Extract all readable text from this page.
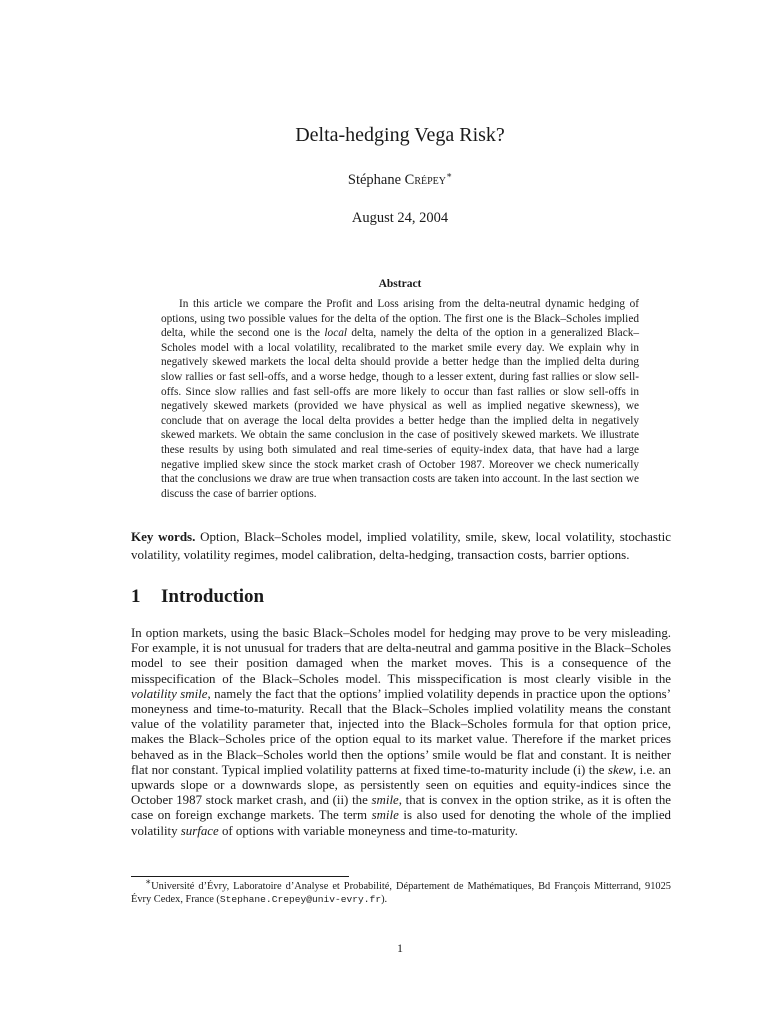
Delta-hedging Vega Risk?
Stéphane Crépey∗
August 24, 2004
Abstract

In this article we compare the Profit and Loss arising from the delta-neutral dynamic hedging of options, using two possible values for the delta of the option. The first one is the Black–Scholes implied delta, while the second one is the local delta, namely the delta of the option in a generalized Black–Scholes model with a local volatility, recalibrated to the market smile every day. We explain why in negatively skewed markets the local delta should provide a better hedge than the implied delta during slow rallies or fast sell-offs, and a worse hedge, though to a lesser extent, during fast rallies or slow sell-offs. Since slow rallies and fast sell-offs are more likely to occur than fast rallies or slow sell-offs in negatively skewed markets (provided we have physical as well as implied negative skewness), we conclude that on average the local delta provides a better hedge than the implied delta in negatively skewed markets. We obtain the same conclusion in the case of positively skewed markets. We illustrate these results by using both simulated and real time-series of equity-index data, that have had a large negative implied skew since the stock market crash of October 1987. Moreover we check numerically that the conclusions we draw are true when transaction costs are taken into account. In the last section we discuss the case of barrier options.

Key words. Option, Black–Scholes model, implied volatility, smile, skew, local volatility, stochastic volatility, volatility regimes, model calibration, delta-hedging, transaction costs, barrier options.

1 Introduction

In option markets, using the basic Black–Scholes model for hedging may prove to be very misleading. For example, it is not unusual for traders that are delta-neutral and gamma positive in the Black–Scholes model to see their position damaged when the market moves. This is a consequence of the misspecification of the Black–Scholes model. This misspecification is most clearly visible in the volatility smile, namely the fact that the options’ implied volatility depends in practice upon the options’ moneyness and time-to-maturity. Recall that the Black–Scholes implied volatility means the constant value of the volatility parameter that, injected into the Black–Scholes formula for that option price, makes the Black–Scholes price of the option equal to its market value. Therefore if the market prices behaved as in the Black–Scholes world then the options’ smile would be flat and constant. It is neither flat nor constant. Typical implied volatility patterns at fixed time-to-maturity include (i) the skew, i.e. an upwards slope or a downwards slope, as persistently seen on equities and equity-indices since the October 1987 stock market crash, and (ii) the smile, that is convex in the option strike, as it is often the case on foreign exchange markets. The term smile is also used for denoting the whole of the implied volatility surface of options with variable moneyness and time-to-maturity.

∗Université d’Évry, Laboratoire d’Analyse et Probabilité, Département de Mathématiques, Bd François Mitterrand, 91025 Évry Cedex, France (Stephane.Crepey@univ-evry.fr).

1
